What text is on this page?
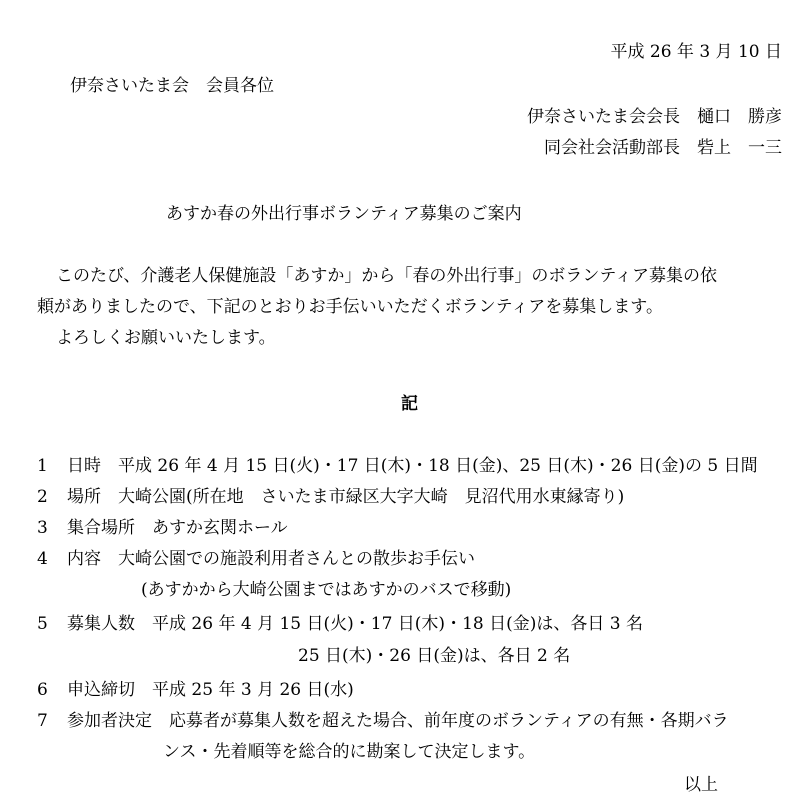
平成 26 年 3 月 10 日
伊奈さいたま会　会員各位
伊奈さいたま会会長　樋口　勝彦
同会社会活動部長　砦上　一三
あすか春の外出行事ボランティア募集のご案内
このたび、介護老人保健施設「あすか」から「春の外出行事」のボランティア募集の依
頼がありましたので、下記のとおりお手伝いいただくボランティアを募集します。
よろしくお願いいたします。
記
1 日時　平成 26 年 4 月 15 日(火)・17 日(木)・18 日(金)、25 日(木)・26 日(金)の 5 日間
2 場所　大崎公園(所在地　さいたま市緑区大字大崎　見沼代用水東縁寄り)
3 集合場所　あすか玄関ホール
4 内容　大崎公園での施設利用者さんとの散歩お手伝い
(あすかから大崎公園まではあすかのバスで移動)
5 募集人数　平成 26 年 4 月 15 日(火)・17 日(木)・18 日(金)は、各日 3 名
25 日(木)・26 日(金)は、各日 2 名
6 申込締切　平成 25 年 3 月 26 日(水)
7 参加者決定　応募者が募集人数を超えた場合、前年度のボランティアの有無・各期バラ
ンス・先着順等を総合的に勘案して決定します。
以上
